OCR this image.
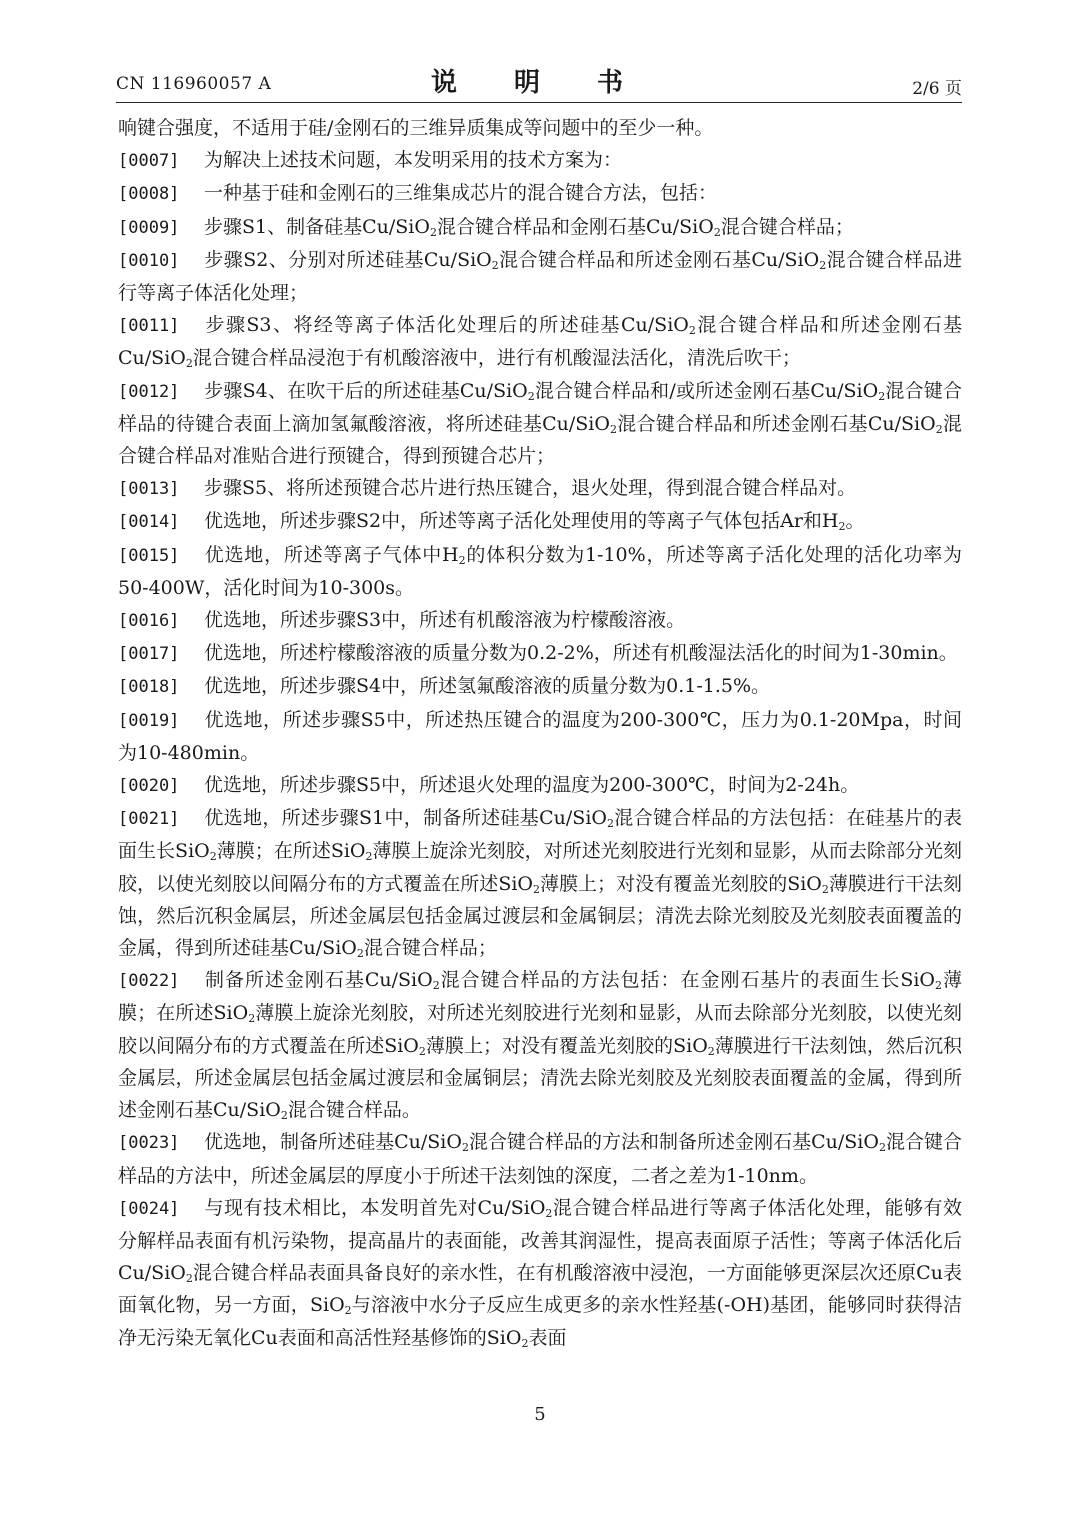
CN 116960057 A	说 明 书	2/6 页

响键合强度，不适用于硅/金刚石的三维异质集成等问题中的至少一种。

[0007] 为解决上述技术问题，本发明采用的技术方案为：

[0008] 一种基于硅和金刚石的三维集成芯片的混合键合方法，包括：

[0009] 步骤S1、制备硅基Cu/SiO$_2$混合键合样品和金刚石基Cu/SiO$_2$混合键合样品；

[0010] 步骤S2、分别对所述硅基Cu/SiO$_2$混合键合样品和所述金刚石基Cu/SiO$_2$混合键合样品进行等离子体活化处理；

[0011] 步骤S3、将经等离子体活化处理后的所述硅基Cu/SiO$_2$混合键合样品和所述金刚石基Cu/SiO$_2$混合键合样品浸泡于有机酸溶液中，进行有机酸湿法活化，清洗后吹干；

[0012] 步骤S4、在吹干后的所述硅基Cu/SiO$_2$混合键合样品和/或所述金刚石基Cu/SiO$_2$混合键合样品的待键合表面上滴加氢氟酸溶液，将所述硅基Cu/SiO$_2$混合键合样品和所述金刚石基Cu/SiO$_2$混合键合样品对准贴合进行预键合，得到预键合芯片；

[0013] 步骤S5、将所述预键合芯片进行热压键合，退火处理，得到混合键合样品对。

[0014] 优选地，所述步骤S2中，所述等离子活化处理使用的等离子气体包括Ar和$H_2$。

[0015] 优选地，所述等离子气体中$H_2$的体积分数为1-10%，所述等离子活化处理的活化功率为50-400W，活化时间为10-300s。

[0016] 优选地，所述步骤S3中，所述有机酸溶液为柠檬酸溶液。

[0017] 优选地，所述柠檬酸溶液的质量分数为0.2-2%，所述有机酸湿法活化的时间为1-30min。

[0018] 优选地，所述步骤S4中，所述氢氟酸溶液的质量分数为0.1-1.5%。

[0019] 优选地，所述步骤S5中，所述热压键合的温度为200-300℃，压力为0.1-20Mpa，时间为10-480min。

[0020] 优选地，所述步骤S5中，所述退火处理的温度为200-300℃，时间为2-24h。

[0021] 优选地，所述步骤S1中，制备所述硅基Cu/SiO$_2$混合键合样品的方法包括：在硅基片的表面生长SiO$_2$薄膜；在所述SiO$_2$薄膜上旋涂光刻胶，对所述光刻胶进行光刻和显影，从而去除部分光刻胶，以使光刻胶以间隔分布的方式覆盖在所述SiO$_2$薄膜上；对没有覆盖光刻胶的SiO$_2$薄膜进行干法刻蚀，然后沉积金属层，所述金属层包括金属过渡层和金属铜层；清洗去除光刻胶及光刻胶表面覆盖的金属，得到所述硅基Cu/SiO$_2$混合键合样品；

[0022] 制备所述金刚石基Cu/SiO$_2$混合键合样品的方法包括：在金刚石基片的表面生长SiO$_2$薄膜；在所述SiO$_2$薄膜上旋涂光刻胶，对所述光刻胶进行光刻和显影，从而去除部分光刻胶，以使光刻胶以间隔分布的方式覆盖在所述SiO$_2$薄膜上；对没有覆盖光刻胶的SiO$_2$薄膜进行干法刻蚀，然后沉积金属层，所述金属层包括金属过渡层和金属铜层；清洗去除光刻胶及光刻胶表面覆盖的金属，得到所述金刚石基Cu/SiO$_2$混合键合样品。

[0023] 优选地，制备所述硅基Cu/SiO$_2$混合键合样品的方法和制备所述金刚石基Cu/SiO$_2$混合键合样品的方法中，所述金属层的厚度小于所述干法刻蚀的深度，二者之差为1-10nm。

[0024] 与现有技术相比，本发明首先对Cu/SiO$_2$混合键合样品进行等离子体活化处理，能够有效分解样品表面有机污染物，提高晶片的表面能，改善其润湿性，提高表面原子活性；等离子体活化后Cu/SiO$_2$混合键合样品表面具备良好的亲水性，在有机酸溶液中浸泡，一方面能够更深层次还原Cu表面氧化物，另一方面，SiO$_2$与溶液中水分子反应生成更多的亲水性羟基(-OH)基团，能够同时获得洁净无污染无氧化Cu表面和高活性羟基修饰的SiO$_2$表面

5
